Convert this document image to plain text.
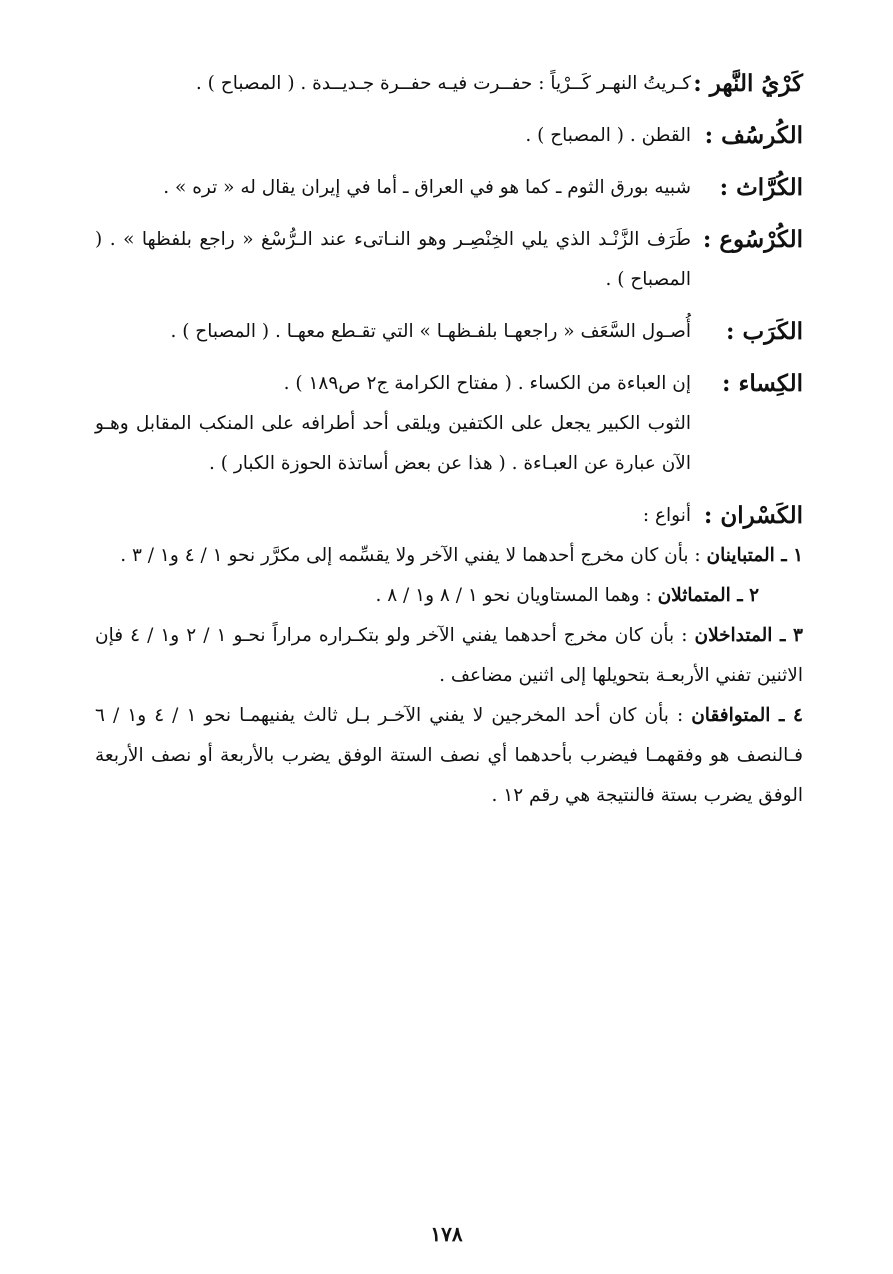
كَرْيُ النَّهر :

كـريتُ النهـر كَــرْياً : حفــرت فيـه حفــرة جـديــدة . ( المصباح ) .

الكُرسُف :

القطن . ( المصباح ) .

الكُرَّاث :

شبيه بورق الثوم ـ كما هو في العراق ـ أما في إيران يقال له « تره » .

الكُرْسُوع :

طَرَف الزَّنْـد الذي يلي الخِنْصِـر وهو النـاتىء عند الـرُّسْغ « راجع بلفظها » . ( المصباح ) .

الكَرَب :

أُصـول السَّعَف « راجعهـا بلفـظهـا » التي تقـطع معهـا . ( المصباح ) .

الكِساء :

إن العباءة من الكساء . ( مفتاح الكرامة ج٢ ص١٨٩ ) .

الثوب الكبير يجعل على الكتفين ويلقى أحد أطرافه على المنكب المقابل وهـو الآن عبارة عن العبـاءة . ( هذا عن بعض أساتذة الحوزة الكبار ) .

الكَسْران :

أنواع :

١ ـ المتباينان : بأن كان مخرج أحدهما لا يفني الآخر ولا يقسِّمه إلى مكرَّر نحو ١ / ٤ و١ / ٣ .

٢ ـ المتماثلان : وهما المستاويان نحو ١ / ٨ و١ / ٨ .

٣ ـ المتداخلان : بأن كان مخرج أحدهما يفني الآخر ولو بتكـراره مراراً نحـو ١ / ٢ و١ / ٤ فإن الاثنين تفني الأربعـة بتحويلها إلى اثنين مضاعف .

٤ ـ المتوافقان : بأن كان أحد المخرجين لا يفني الآخـر بـل ثالث يفنيهمـا نحو ١ / ٤ و١ / ٦ فـالنصف هو وفقهمـا فيضرب بأحدهما أي نصف الستة الوفق يضرب بالأربعة أو نصف الأربعة الوفق يضرب بستة فالنتيجة هي رقم ١٢ .

١٧٨
